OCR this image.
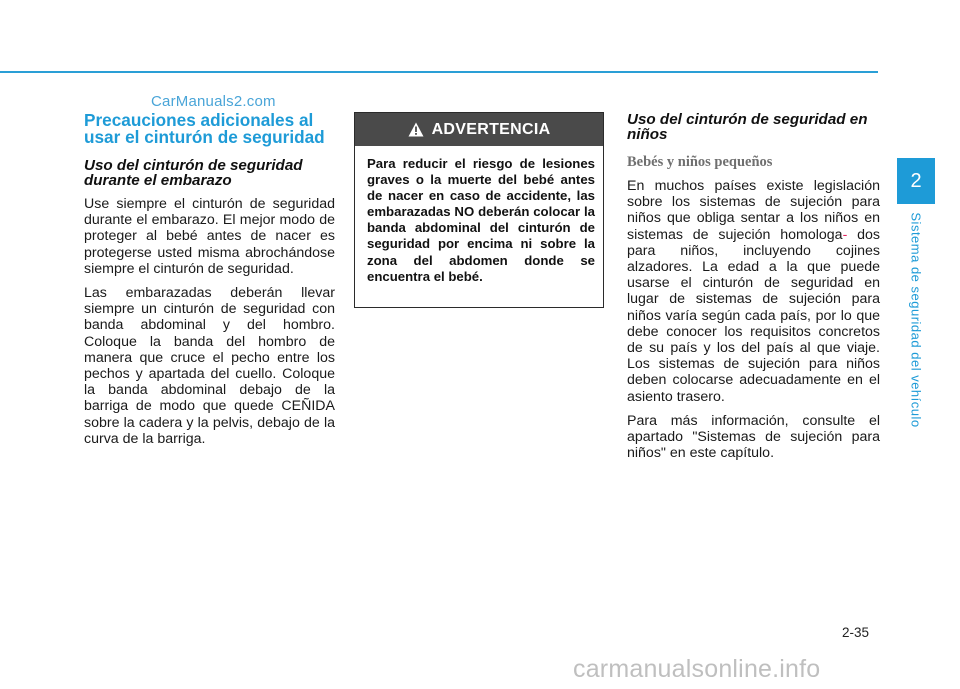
CarManuals2.com
Precauciones adicionales al usar el cinturón de seguridad
Uso del cinturón de seguridad durante el embarazo

Use siempre el cinturón de seguridad durante el embarazo. El mejor modo de proteger al bebé antes de nacer es protegerse usted misma abrochándose siempre el cinturón de seguridad.

Las embarazadas deberán llevar siempre un cinturón de seguridad con banda abdominal y del hombro. Coloque la banda del hombro de manera que cruce el pecho entre los pechos y apartada del cuello. Coloque la banda abdominal debajo de la barriga de modo que quede CEÑIDA sobre la cadera y la pelvis, debajo de la curva de la barriga.

ADVERTENCIA
Para reducir el riesgo de lesiones graves o la muerte del bebé antes de nacer en caso de accidente, las embarazadas NO deberán colocar la banda abdominal del cinturón de seguridad por encima ni sobre la zona del abdomen donde se encuentra el bebé.
Uso del cinturón de seguridad en niños
Bebés y niños pequeños

En muchos países existe legislación sobre los sistemas de sujeción para niños que obliga sentar a los niños en sistemas de sujeción homologa- dos para niños, incluyendo cojines alzadores. La edad a la que puede usarse el cinturón de seguridad en lugar de sistemas de sujeción para niños varía según cada país, por lo que debe conocer los requisitos concretos de su país y los del país al que viaje. Los sistemas de sujeción para niños deben colocarse adecuadamente en el asiento trasero.

Para más información, consulte el apartado "Sistemas de sujeción para niños" en este capítulo.

2
Sistema de seguridad del vehículo
2-35
carmanualsonline.info
